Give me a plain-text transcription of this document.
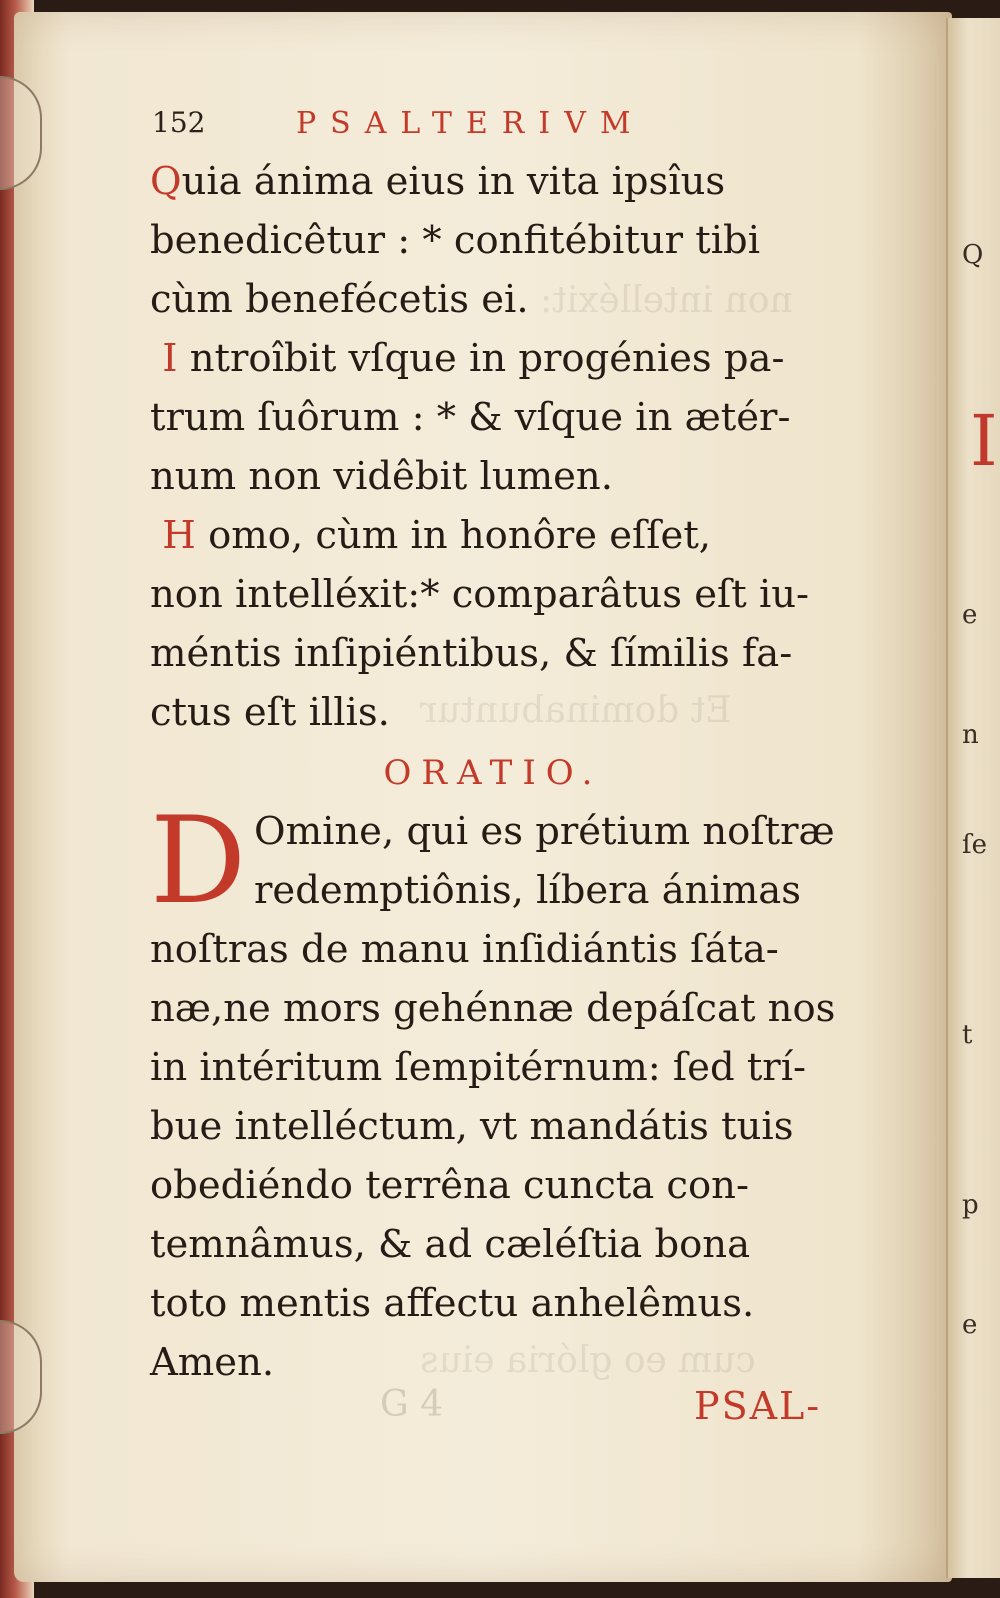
Q
I
e
n
ſe
t
p
e
non intelléxit:
Et dominabuntur
cum eo glória eius
152	PSALTERIVM
Quia ánima eius in vita ipsîus
benedicêtur : * confitébitur tibi
cùm benefécetis ei.
I ntroîbit vſque in progénies pa-
trum ſuôrum : * & vſque in ætér-
num non vidêbit lumen.
H omo, cùm in honôre eſſet,
non intelléxit:* comparâtus eſt iu-
méntis inſipiéntibus, & ſímilis fa-
ctus eſt illis.
ORATIO.
D Omine, qui es prétium noſtræ
redemptiônis, líbera ánimas
noſtras de manu inſidiántis ſáta-
næ,ne mors gehénnæ depáſcat nos
in intéritum ſempitérnum: ſed trí-
bue intelléctum, vt mandátis tuis
obediéndo terrêna cuncta con-
temnâmus, & ad cæléſtia bona
toto mentis affectu anhelêmus.
Amen.
PSAL-
G 4
